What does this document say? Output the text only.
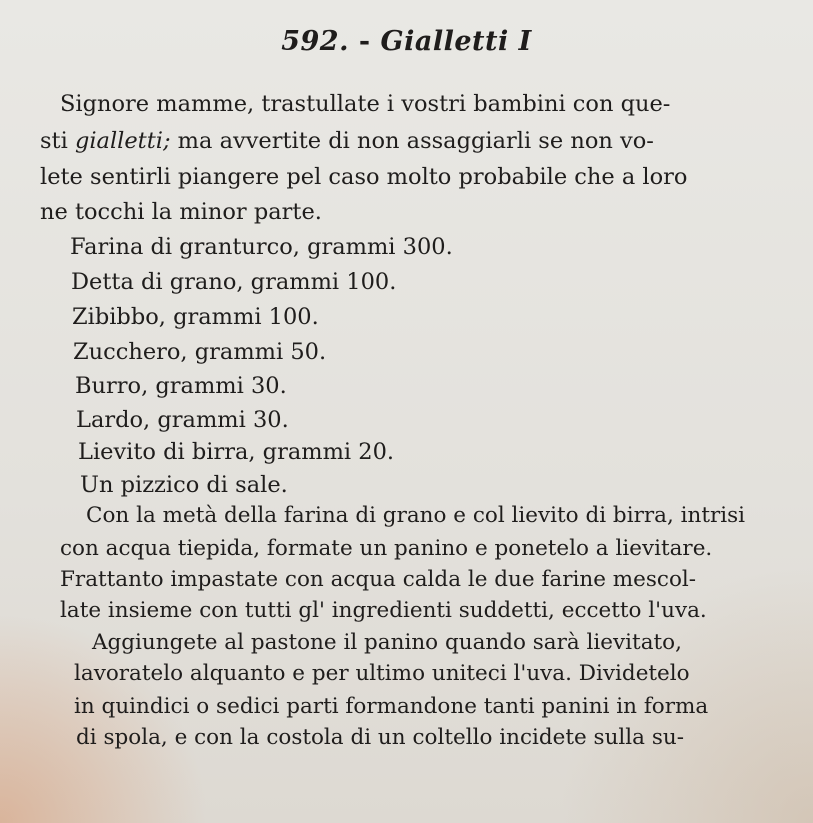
592. - Gialletti I
Signore mamme, trastullate i vostri bambini con que-
sti gialletti; ma avvertite di non assaggiarli se non vo-
lete sentirli piangere pel caso molto probabile che a loro
ne tocchi la minor parte.
Farina di granturco, grammi 300.
Detta di grano, grammi 100.
Zibibbo, grammi 100.
Zucchero, grammi 50.
Burro, grammi 30.
Lardo, grammi 30.
Lievito di birra, grammi 20.
Un pizzico di sale.
Con la metà della farina di grano e col lievito di birra, intrisi
con acqua tiepida, formate un panino e ponetelo a lievitare.
Frattanto impastate con acqua calda le due farine mescol-
late insieme con tutti gl' ingredienti suddetti, eccetto l'uva.
Aggiungete al pastone il panino quando sarà lievitato,
lavoratelo alquanto e per ultimo uniteci l'uva. Dividetelo
in quindici o sedici parti formandone tanti panini in forma
di spola, e con la costola di un coltello incidete sulla su-
